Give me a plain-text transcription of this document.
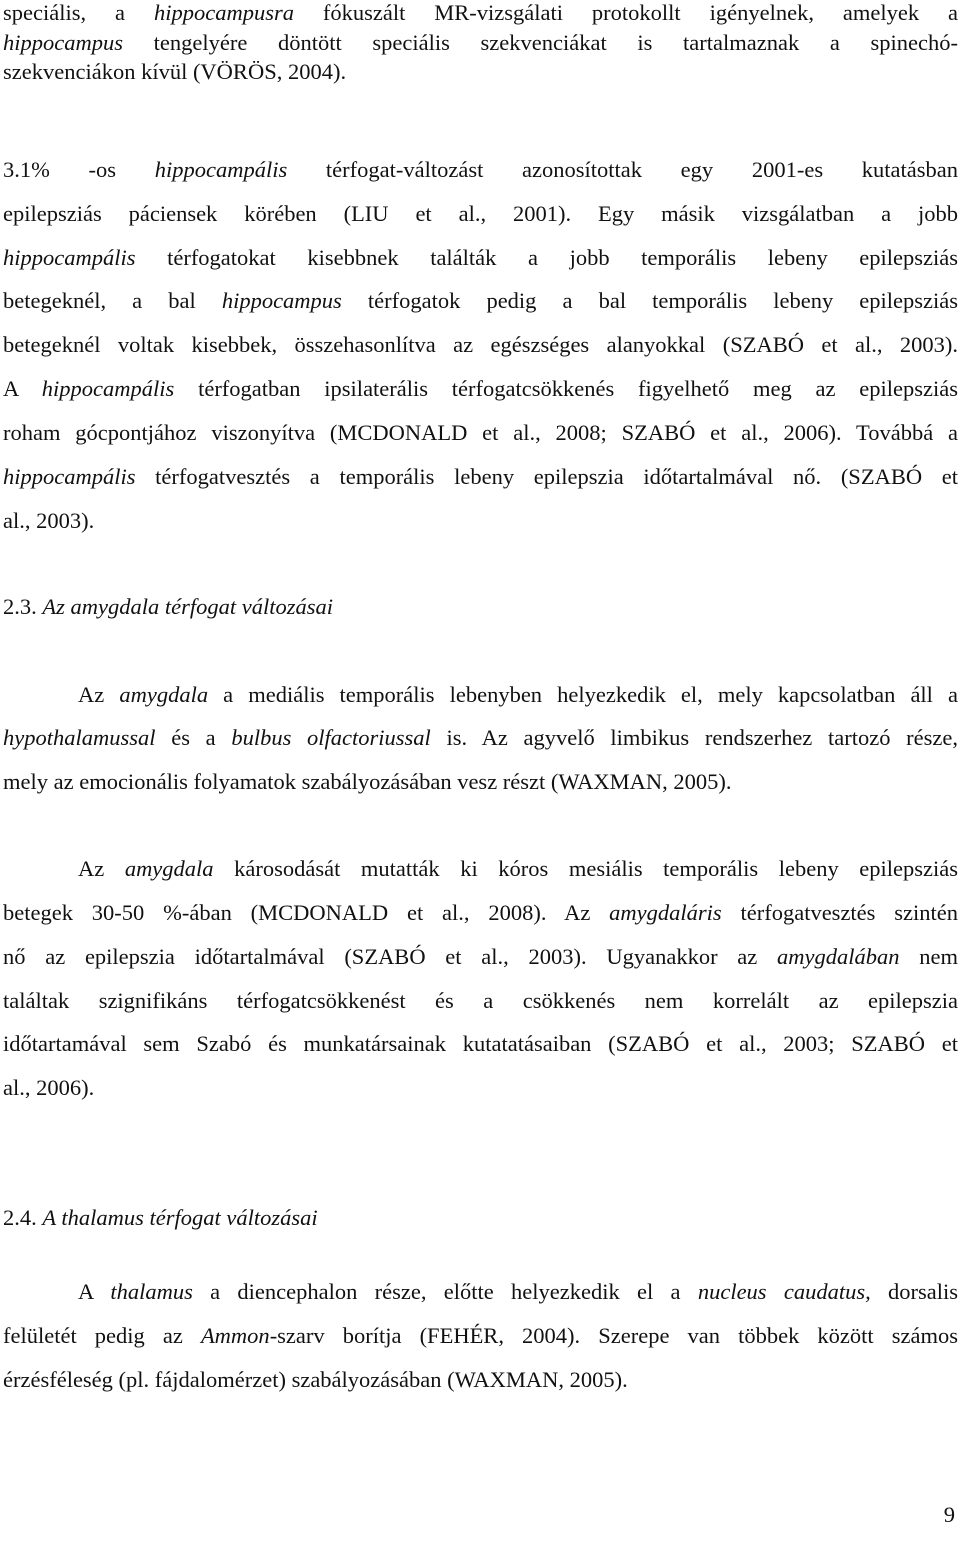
speciális, a hippocampusra fókuszált MR-vizsgálati protokollt igényelnek, amelyek a
hippocampus tengelyére döntött speciális szekvenciákat is tartalmaznak a spinechó-
szekvenciákon kívül (VÖRÖS, 2004).
3.1% -os hippocampális térfogat-változást azonosítottak egy 2001-es kutatásban
epilepsziás páciensek körében (LIU et al., 2001). Egy másik vizsgálatban a jobb
hippocampális térfogatokat kisebbnek találták a jobb temporális lebeny epilepsziás
betegeknél, a bal hippocampus térfogatok pedig a bal temporális lebeny epilepsziás
betegeknél voltak kisebbek, összehasonlítva az egészséges alanyokkal (SZABÓ et al., 2003).
A hippocampális térfogatban ipsilaterális térfogatcsökkenés figyelhető meg az epilepsziás
roham gócpontjához viszonyítva (MCDONALD et al., 2008; SZABÓ et al., 2006). Továbbá a
hippocampális térfogatvesztés a temporális lebeny epilepszia időtartalmával nő. (SZABÓ et
al., 2003).
2.3. Az amygdala térfogat változásai
Az amygdala a mediális temporális lebenyben helyezkedik el, mely kapcsolatban áll a
hypothalamussal és a bulbus olfactoriussal is. Az agyvelő limbikus rendszerhez tartozó része,
mely az emocionális folyamatok szabályozásában vesz részt (WAXMAN, 2005).
Az amygdala károsodását mutatták ki kóros mesiális temporális lebeny epilepsziás
betegek 30-50 %-ában (MCDONALD et al., 2008). Az amygdaláris térfogatvesztés szintén
nő az epilepszia időtartalmával (SZABÓ et al., 2003). Ugyanakkor az amygdalában nem
találtak szignifikáns térfogatcsökkenést és a csökkenés nem korrelált az epilepszia
időtartamával sem Szabó és munkatársainak kutatatásaiban (SZABÓ et al., 2003; SZABÓ et
al., 2006).
2.4. A thalamus térfogat változásai
A thalamus a diencephalon része, előtte helyezkedik el a nucleus caudatus, dorsalis
felületét pedig az Ammon-szarv borítja (FEHÉR, 2004). Szerepe van többek között számos
érzésféleség (pl. fájdalomérzet) szabályozásában (WAXMAN, 2005).
9
